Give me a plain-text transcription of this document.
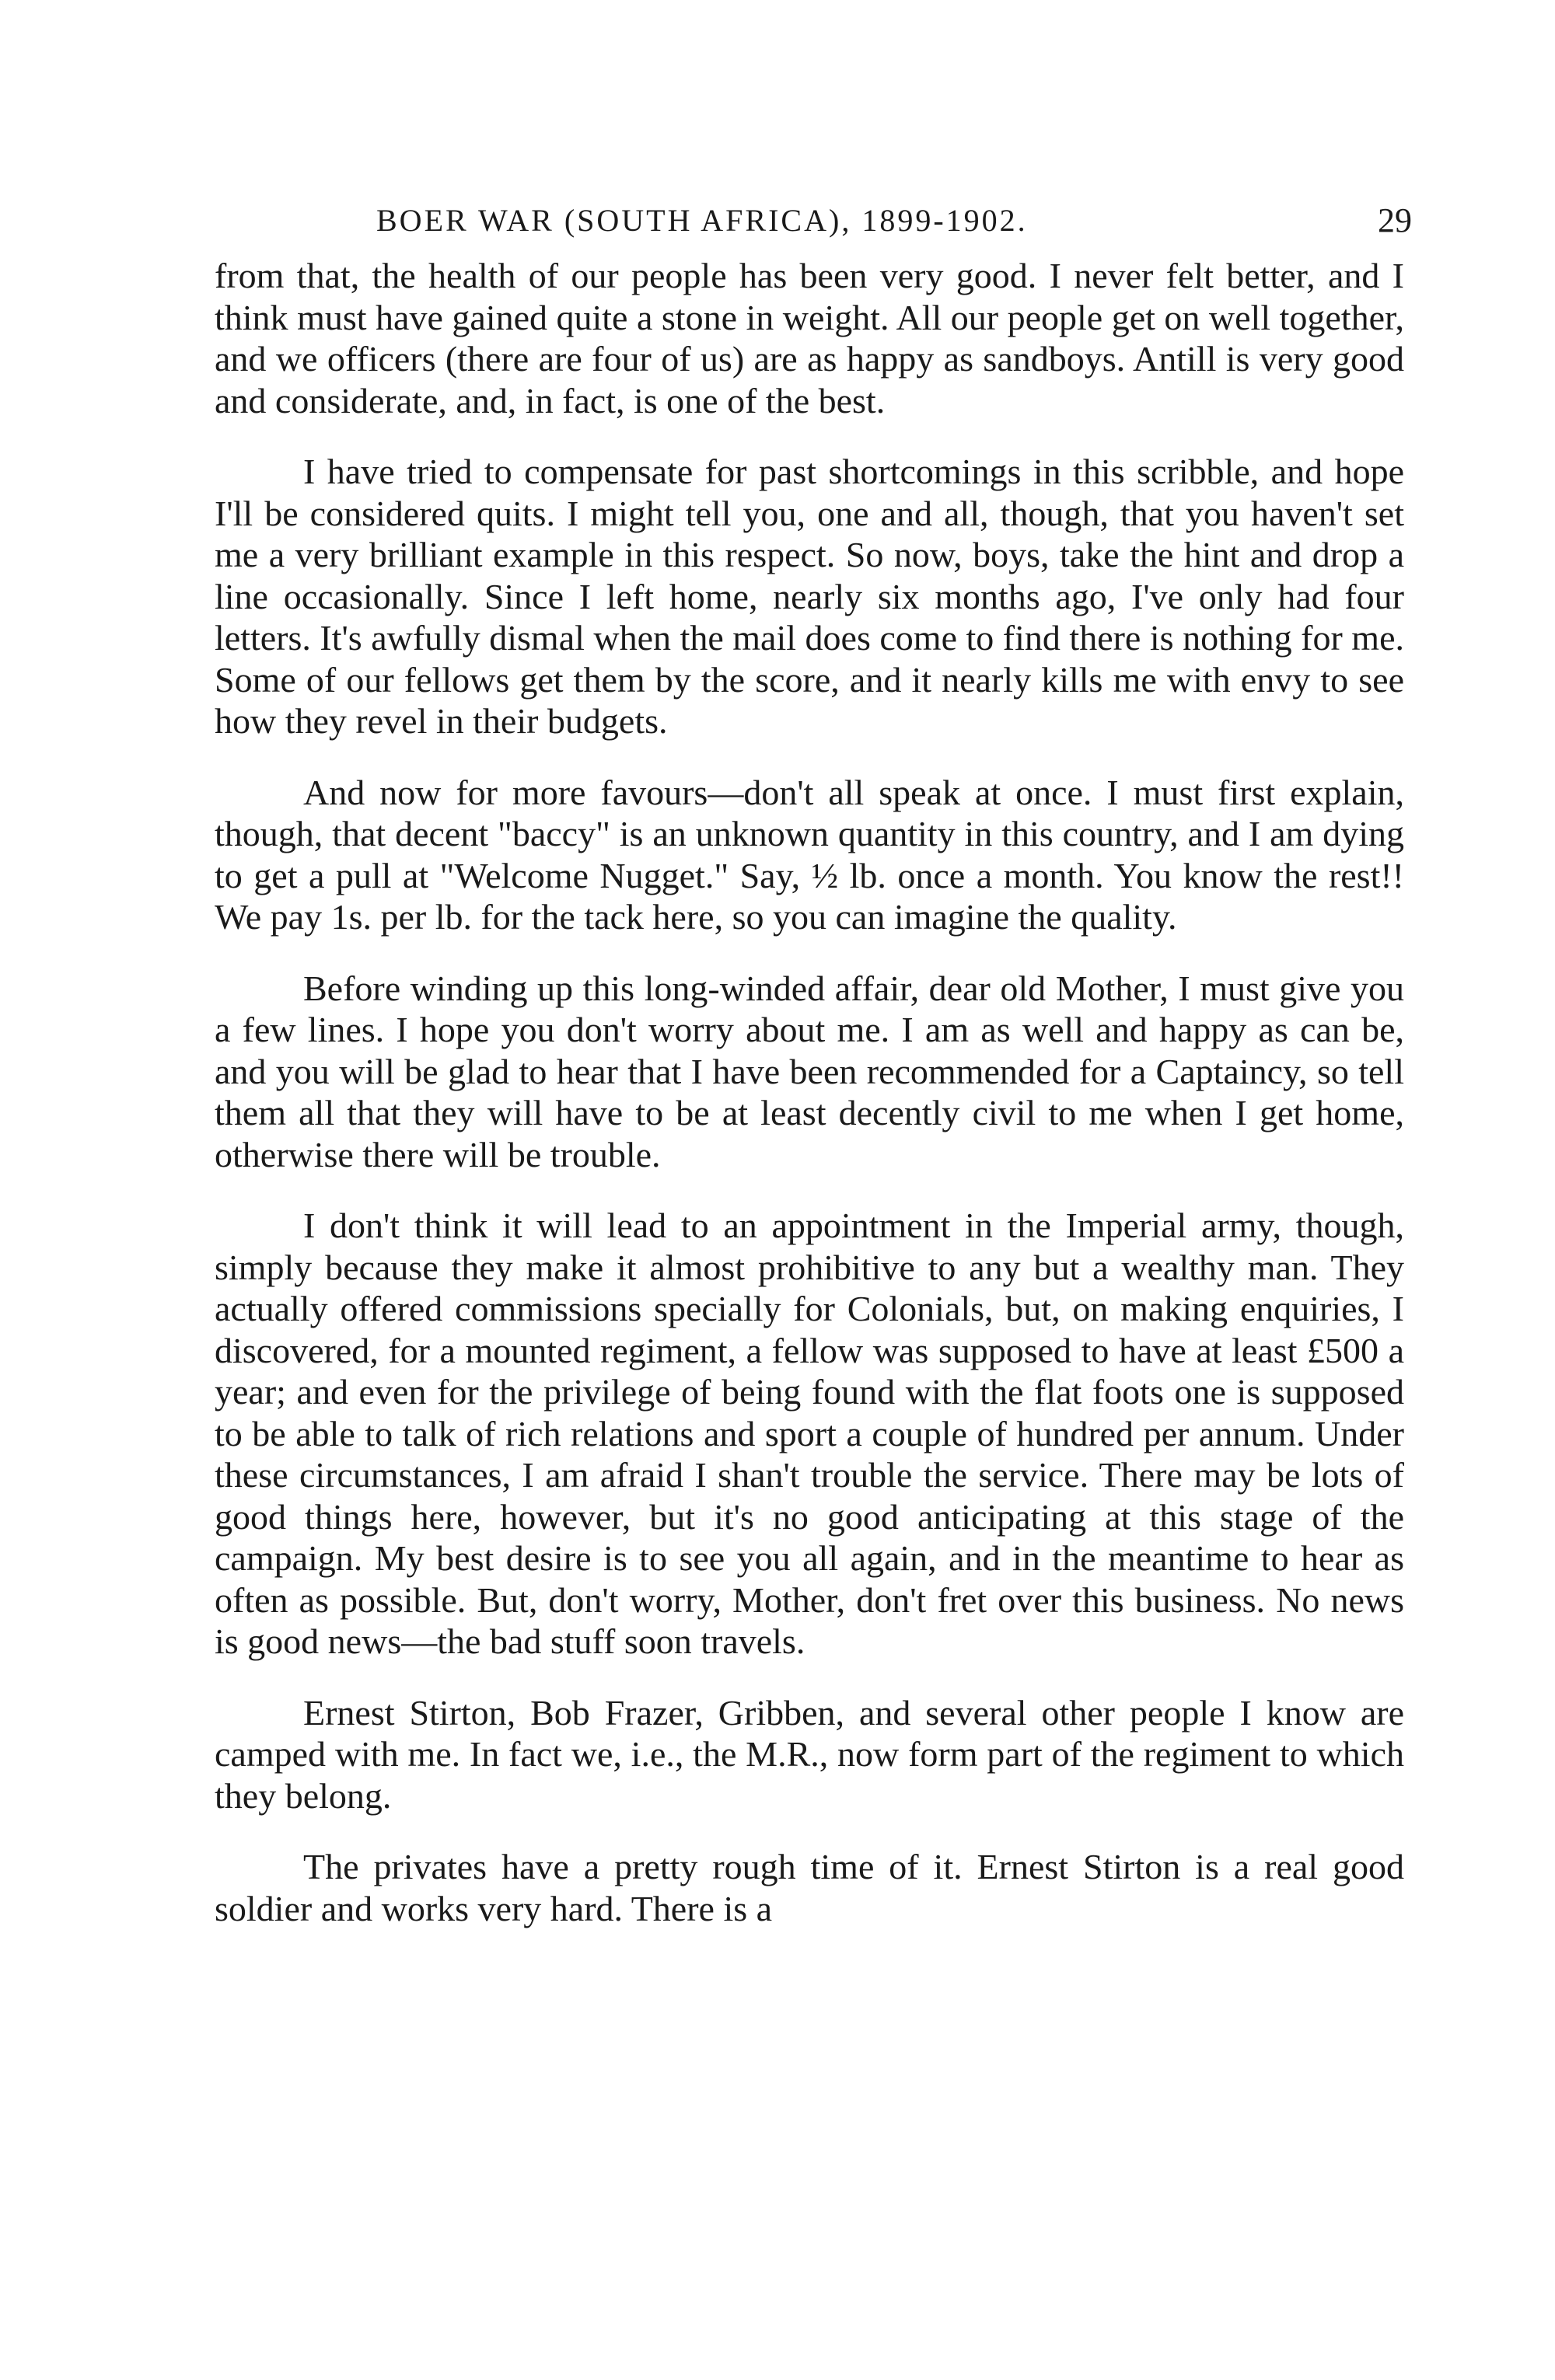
BOER WAR (SOUTH AFRICA), 1899-1902.	29

from that, the health of our people has been very good. I never felt better, and I think must have gained quite a stone in weight. All our people get on well together, and we officers (there are four of us) are as happy as sandboys. Antill is very good and considerate, and, in fact, is one of the best.

I have tried to compensate for past shortcomings in this scribble, and hope I'll be considered quits. I might tell you, one and all, though, that you haven't set me a very brilliant example in this respect. So now, boys, take the hint and drop a line occasionally. Since I left home, nearly six months ago, I've only had four letters. It's awfully dismal when the mail does come to find there is nothing for me. Some of our fellows get them by the score, and it nearly kills me with envy to see how they revel in their budgets.

And now for more favours—don't all speak at once. I must first explain, though, that decent "baccy" is an unknown quantity in this country, and I am dying to get a pull at "Welcome Nugget." Say, ½ lb. once a month. You know the rest!! We pay 1s. per lb. for the tack here, so you can imagine the quality.

Before winding up this long-winded affair, dear old Mother, I must give you a few lines. I hope you don't worry about me. I am as well and happy as can be, and you will be glad to hear that I have been recommended for a Captaincy, so tell them all that they will have to be at least decently civil to me when I get home, otherwise there will be trouble.

I don't think it will lead to an appointment in the Imperial army, though, simply because they make it almost prohibitive to any but a wealthy man. They actually offered commissions specially for Colonials, but, on making enquiries, I discovered, for a mounted regiment, a fellow was supposed to have at least £500 a year; and even for the privilege of being found with the flat foots one is supposed to be able to talk of rich relations and sport a couple of hundred per annum. Under these circumstances, I am afraid I shan't trouble the service. There may be lots of good things here, however, but it's no good anticipating at this stage of the campaign. My best desire is to see you all again, and in the meantime to hear as often as possible. But, don't worry, Mother, don't fret over this business. No news is good news—the bad stuff soon travels.

Ernest Stirton, Bob Frazer, Gribben, and several other people I know are camped with me. In fact we, i.e., the M.R., now form part of the regiment to which they belong.

The privates have a pretty rough time of it. Ernest Stirton is a real good soldier and works very hard. There is a
